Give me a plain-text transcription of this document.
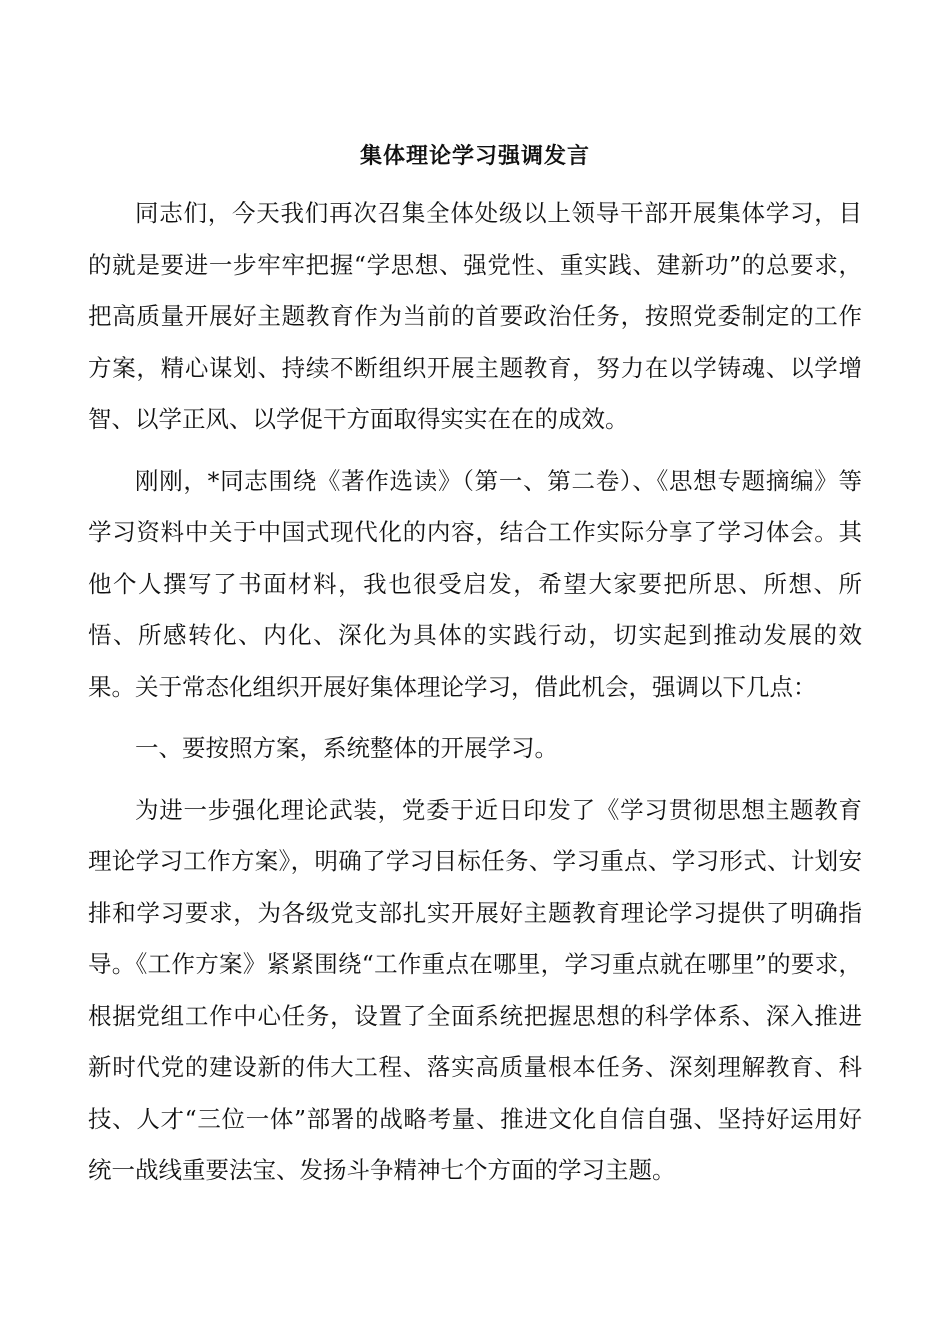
集体理论学习强调发言

同志们，今天我们再次召集全体处级以上领导干部开展集体学习，目的就是要进一步牢牢把握“学思想、强党性、重实践、建新功”的总要求，把高质量开展好主题教育作为当前的首要政治任务，按照党委制定的工作方案，精心谋划、持续不断组织开展主题教育，努力在以学铸魂、以学增智、以学正风、以学促干方面取得实实在在的成效。

刚刚，*同志围绕《著作选读》（第一、第二卷）、《思想专题摘编》等学习资料中关于中国式现代化的内容，结合工作实际分享了学习体会。其他个人撰写了书面材料，我也很受启发，希望大家要把所思、所想、所悟、所感转化、内化、深化为具体的实践行动，切实起到推动发展的效果。关于常态化组织开展好集体理论学习，借此机会，强调以下几点：

一、要按照方案，系统整体的开展学习。

为进一步强化理论武装，党委于近日印发了《学习贯彻思想主题教育理论学习工作方案》，明确了学习目标任务、学习重点、学习形式、计划安排和学习要求，为各级党支部扎实开展好主题教育理论学习提供了明确指导。《工作方案》紧紧围绕“工作重点在哪里，学习重点就在哪里”的要求，根据党组工作中心任务，设置了全面系统把握思想的科学体系、深入推进新时代党的建设新的伟大工程、落实高质量根本任务、深刻理解教育、科技、人才“三位一体”部署的战略考量、推进文化自信自强、坚持好运用好统一战线重要法宝、发扬斗争精神七个方面的学习主题。
